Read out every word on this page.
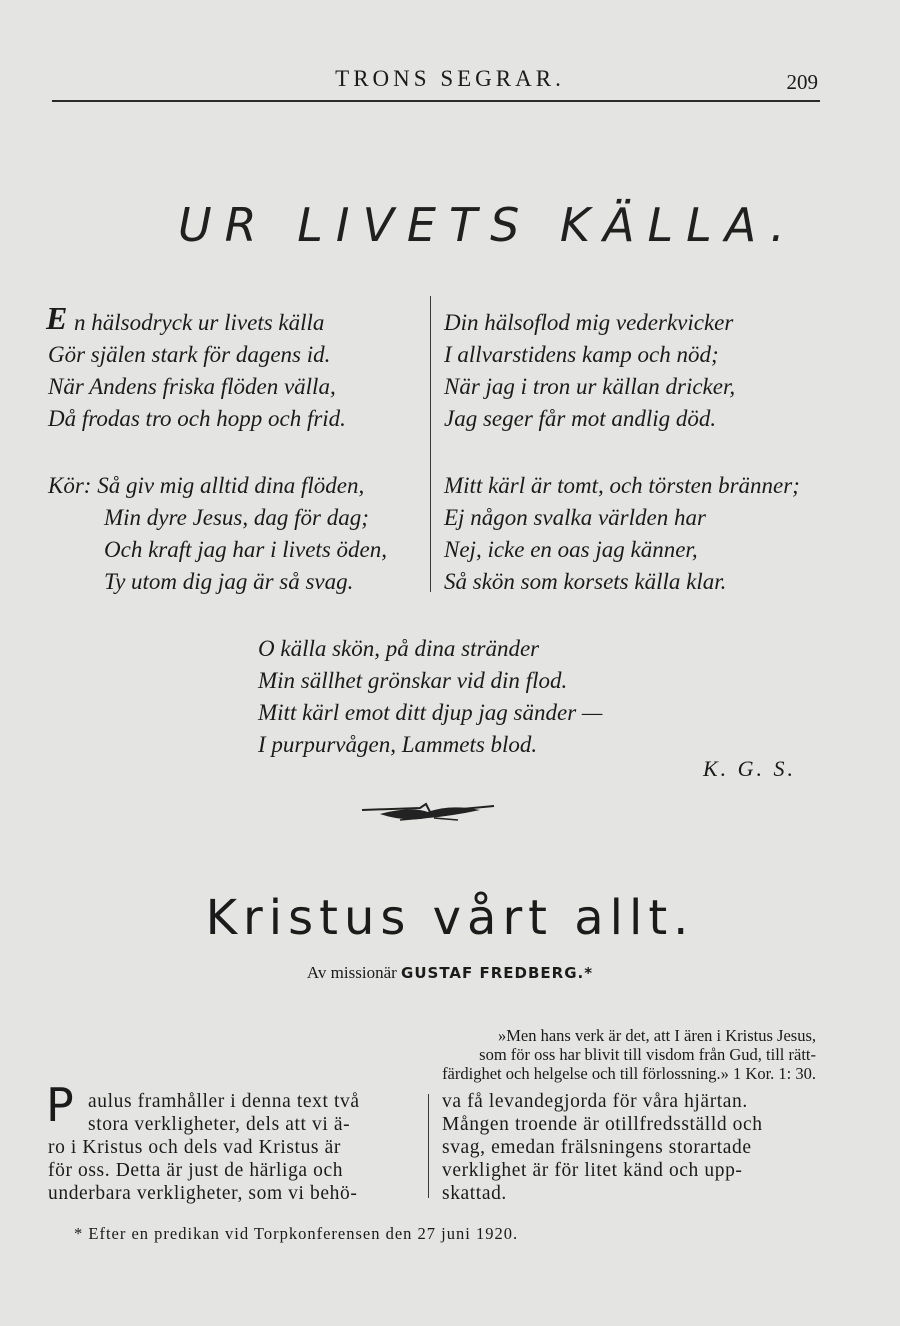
TRONS SEGRAR.	209
UR LIVETS KÄLLA.
E n hälsodryck ur livets källa
Gör själen stark för dagens id.
När Andens friska flöden välla,
Då frodas tro och hopp och frid.
Kör: Så giv mig alltid dina flöden,
Min dyre Jesus, dag för dag;
Och kraft jag har i livets öden,
Ty utom dig jag är så svag.
Din hälsoflod mig vederkvicker
I allvarstidens kamp och nöd;
När jag i tron ur källan dricker,
Jag seger får mot andlig död.
Mitt kärl är tomt, och törsten bränner;
Ej någon svalka världen har
Nej, icke en oas jag känner,
Så skön som korsets källa klar.
O källa skön, på dina stränder
Min sällhet grönskar vid din flod.
Mitt kärl emot ditt djup jag sänder —
I purpurvågen, Lammets blod.
K. G. S.
Kristus vårt allt.
Av missionär GUSTAF FREDBERG.*
»Men hans verk är det, att I ären i Kristus Jesus,
som för oss har blivit till visdom från Gud, till rätt-
färdighet och helgelse och till förlossning.» 1 Kor. 1: 30.
P aulus framhåller i denna text två
stora verkligheter, dels att vi ä-
ro i Kristus och dels vad Kristus är
för oss. Detta är just de härliga och
underbara verkligheter, som vi behö-
va få levandegjorda för våra hjärtan.
Mången troende är otillfredsställd och
svag, emedan frälsningens storartade
verklighet är för litet känd och upp-
skattad.
* Efter en predikan vid Torpkonferensen den 27 juni 1920.
